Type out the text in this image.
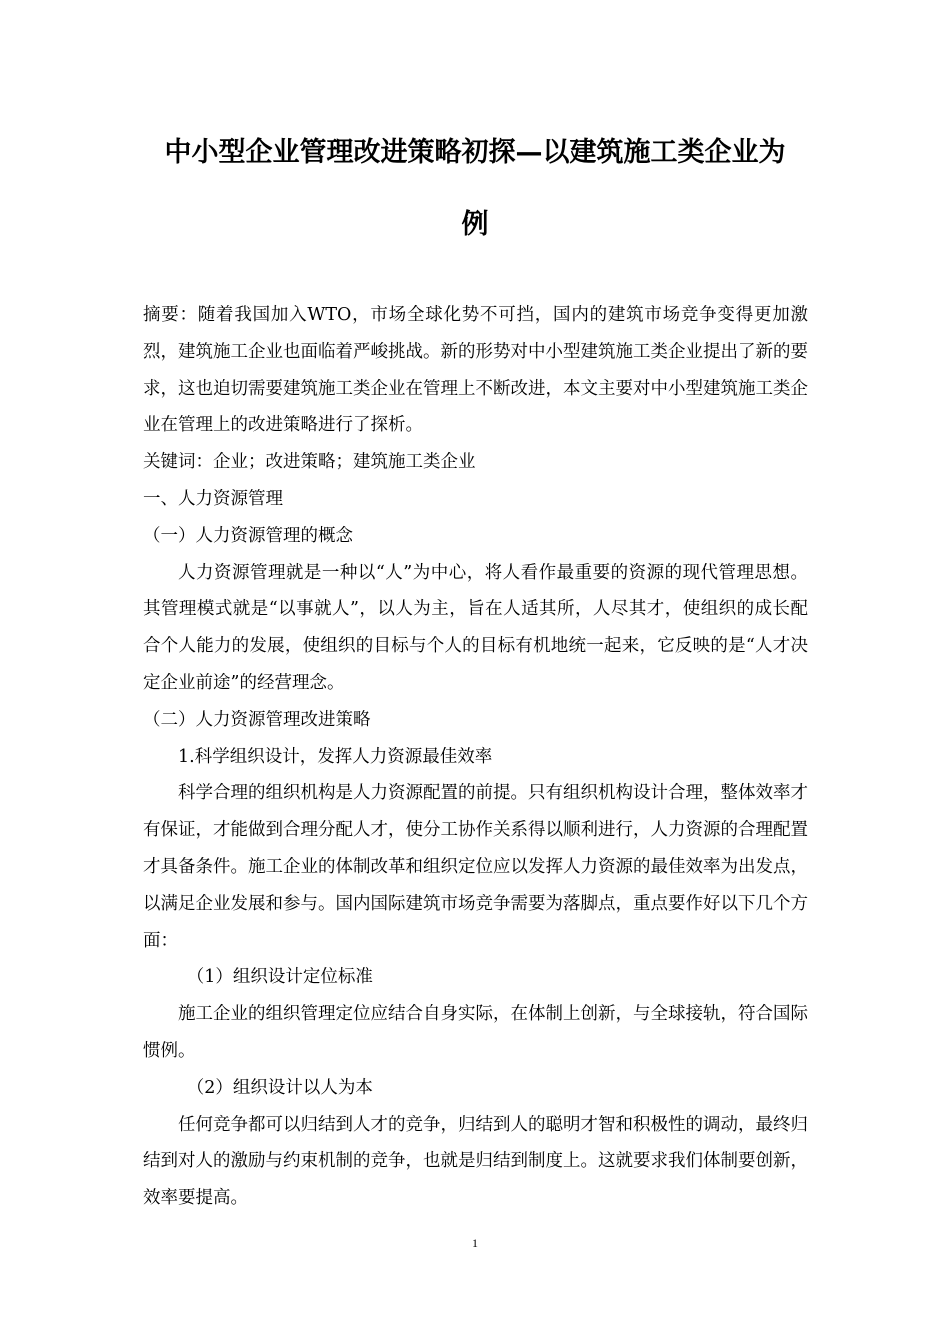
中小型企业管理改进策略初探—以建筑施工类企业为
例

摘要：随着我国加入WTO，市场全球化势不可挡，国内的建筑市场竞争变得更加激烈，建筑施工企业也面临着严峻挑战。新的形势对中小型建筑施工类企业提出了新的要求，这也迫切需要建筑施工类企业在管理上不断改进，本文主要对中小型建筑施工类企业在管理上的改进策略进行了探析。

关键词：企业；改进策略；建筑施工类企业

一、人力资源管理

（一）人力资源管理的概念

人力资源管理就是一种以“人”为中心，将人看作最重要的资源的现代管理思想。其管理模式就是“以事就人”，以人为主，旨在人适其所，人尽其才，使组织的成长配合个人能力的发展，使组织的目标与个人的目标有机地统一起来，它反映的是“人才决定企业前途”的经营理念。

（二）人力资源管理改进策略

1.科学组织设计，发挥人力资源最佳效率

科学合理的组织机构是人力资源配置的前提。只有组织机构设计合理，整体效率才有保证，才能做到合理分配人才，使分工协作关系得以顺利进行，人力资源的合理配置才具备条件。施工企业的体制改革和组织定位应以发挥人力资源的最佳效率为出发点，以满足企业发展和参与。国内国际建筑市场竞争需要为落脚点，重点要作好以下几个方面：

（1）组织设计定位标准

施工企业的组织管理定位应结合自身实际，在体制上创新，与全球接轨，符合国际惯例。

（2）组织设计以人为本

任何竞争都可以归结到人才的竞争，归结到人的聪明才智和积极性的调动，最终归结到对人的激励与约束机制的竞争，也就是归结到制度上。这就要求我们体制要创新，效率要提高。

1
